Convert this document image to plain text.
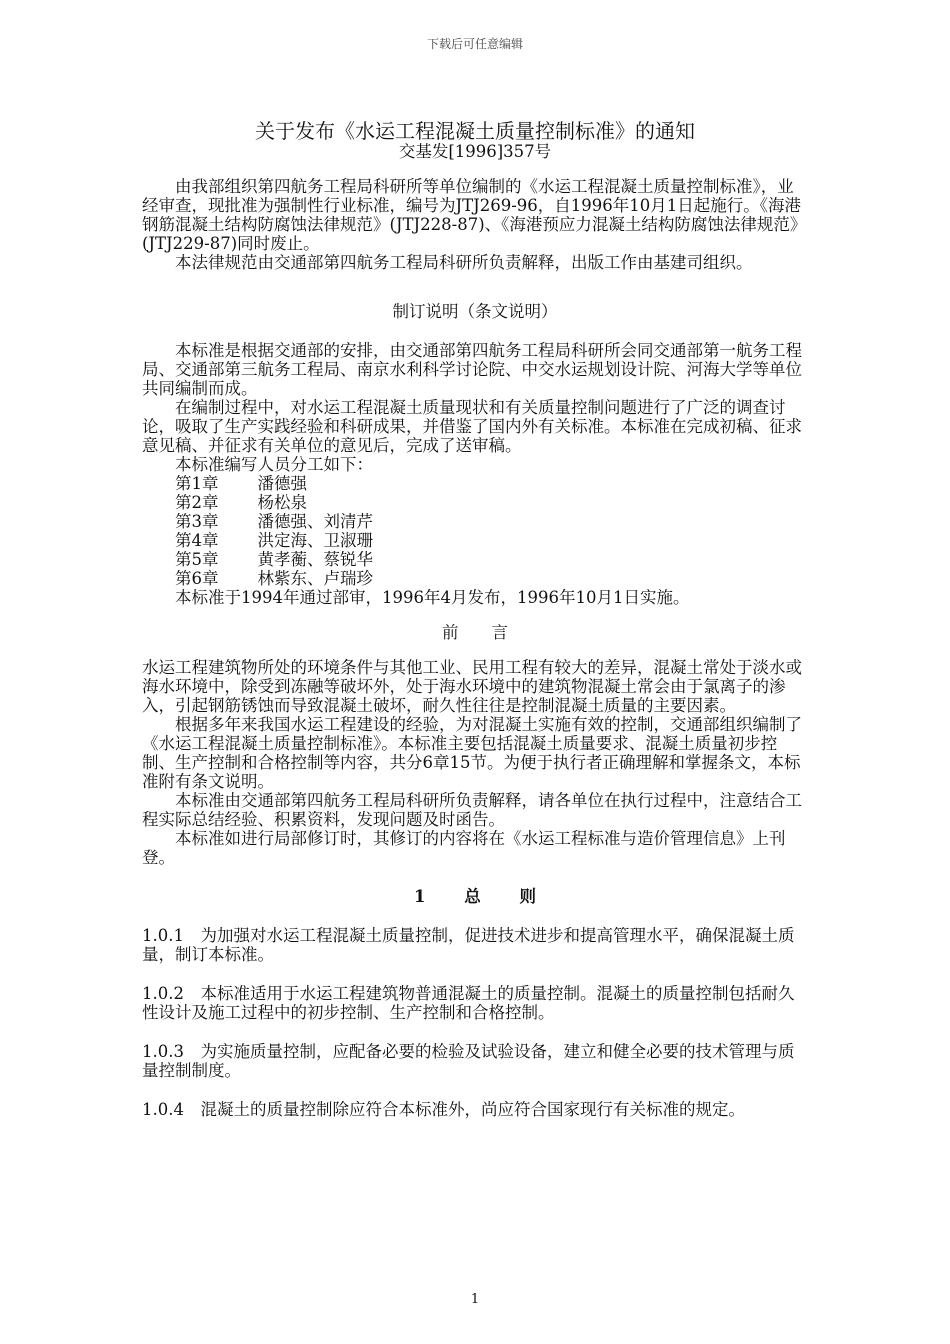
下载后可任意编辑
关于发布《水运工程混凝土质量控制标准》的通知
交基发[1996]357号

由我部组织第四航务工程局科研所等单位编制的《水运工程混凝土质量控制标准》，业经审查，现批准为强制性行业标准，编号为JTJ269-96，自1996年10月1日起施行。《海港钢筋混凝土结构防腐蚀法律规范》(JTJ228-87)、《海港预应力混凝土结构防腐蚀法律规范》(JTJ229-87)同时废止。

本法律规范由交通部第四航务工程局科研所负责解释，出版工作由基建司组织。

制订说明（条文说明）

本标准是根据交通部的安排，由交通部第四航务工程局科研所会同交通部第一航务工程局、交通部第三航务工程局、南京水利科学讨论院、中交水运规划设计院、河海大学等单位共同编制而成。

在编制过程中，对水运工程混凝土质量现状和有关质量控制问题进行了广泛的调查讨论，吸取了生产实践经验和科研成果，并借鉴了国内外有关标准。本标准在完成初稿、征求意见稿、并征求有关单位的意见后，完成了送审稿。

本标准编写人员分工如下：

第1章 潘德强
第2章 杨松泉
第3章 潘德强、刘清芹
第4章 洪定海、卫淑珊
第5章 黄孝蘅、蔡锐华
第6章 林紫东、卢瑞珍

本标准于1994年通过部审，1996年4月发布，1996年10月1日实施。

前言

水运工程建筑物所处的环境条件与其他工业、民用工程有较大的差异，混凝土常处于淡水或海水环境中，除受到冻融等破坏外，处于海水环境中的建筑物混凝土常会由于氯离子的渗入，引起钢筋锈蚀而导致混凝土破坏，耐久性往往是控制混凝土质量的主要因素。

根据多年来我国水运工程建设的经验，为对混凝土实施有效的控制，交通部组织编制了《水运工程混凝土质量控制标准》。本标准主要包括混凝土质量要求、混凝土质量初步控制、生产控制和合格控制等内容，共分6章15节。为便于执行者正确理解和掌握条文，本标准附有条文说明。

本标准由交通部第四航务工程局科研所负责解释，请各单位在执行过程中，注意结合工程实际总结经验、积累资料，发现问题及时函告。

本标准如进行局部修订时，其修订的内容将在《水运工程标准与造价管理信息》上刊登。

1 总 则

1.0.1 为加强对水运工程混凝土质量控制，促进技术进步和提高管理水平，确保混凝土质量，制订本标准。

1.0.2 本标准适用于水运工程建筑物普通混凝土的质量控制。混凝土的质量控制包括耐久性设计及施工过程中的初步控制、生产控制和合格控制。

1.0.3 为实施质量控制，应配备必要的检验及试验设备，建立和健全必要的技术管理与质量控制制度。

1.0.4 混凝土的质量控制除应符合本标准外，尚应符合国家现行有关标准的规定。

1
